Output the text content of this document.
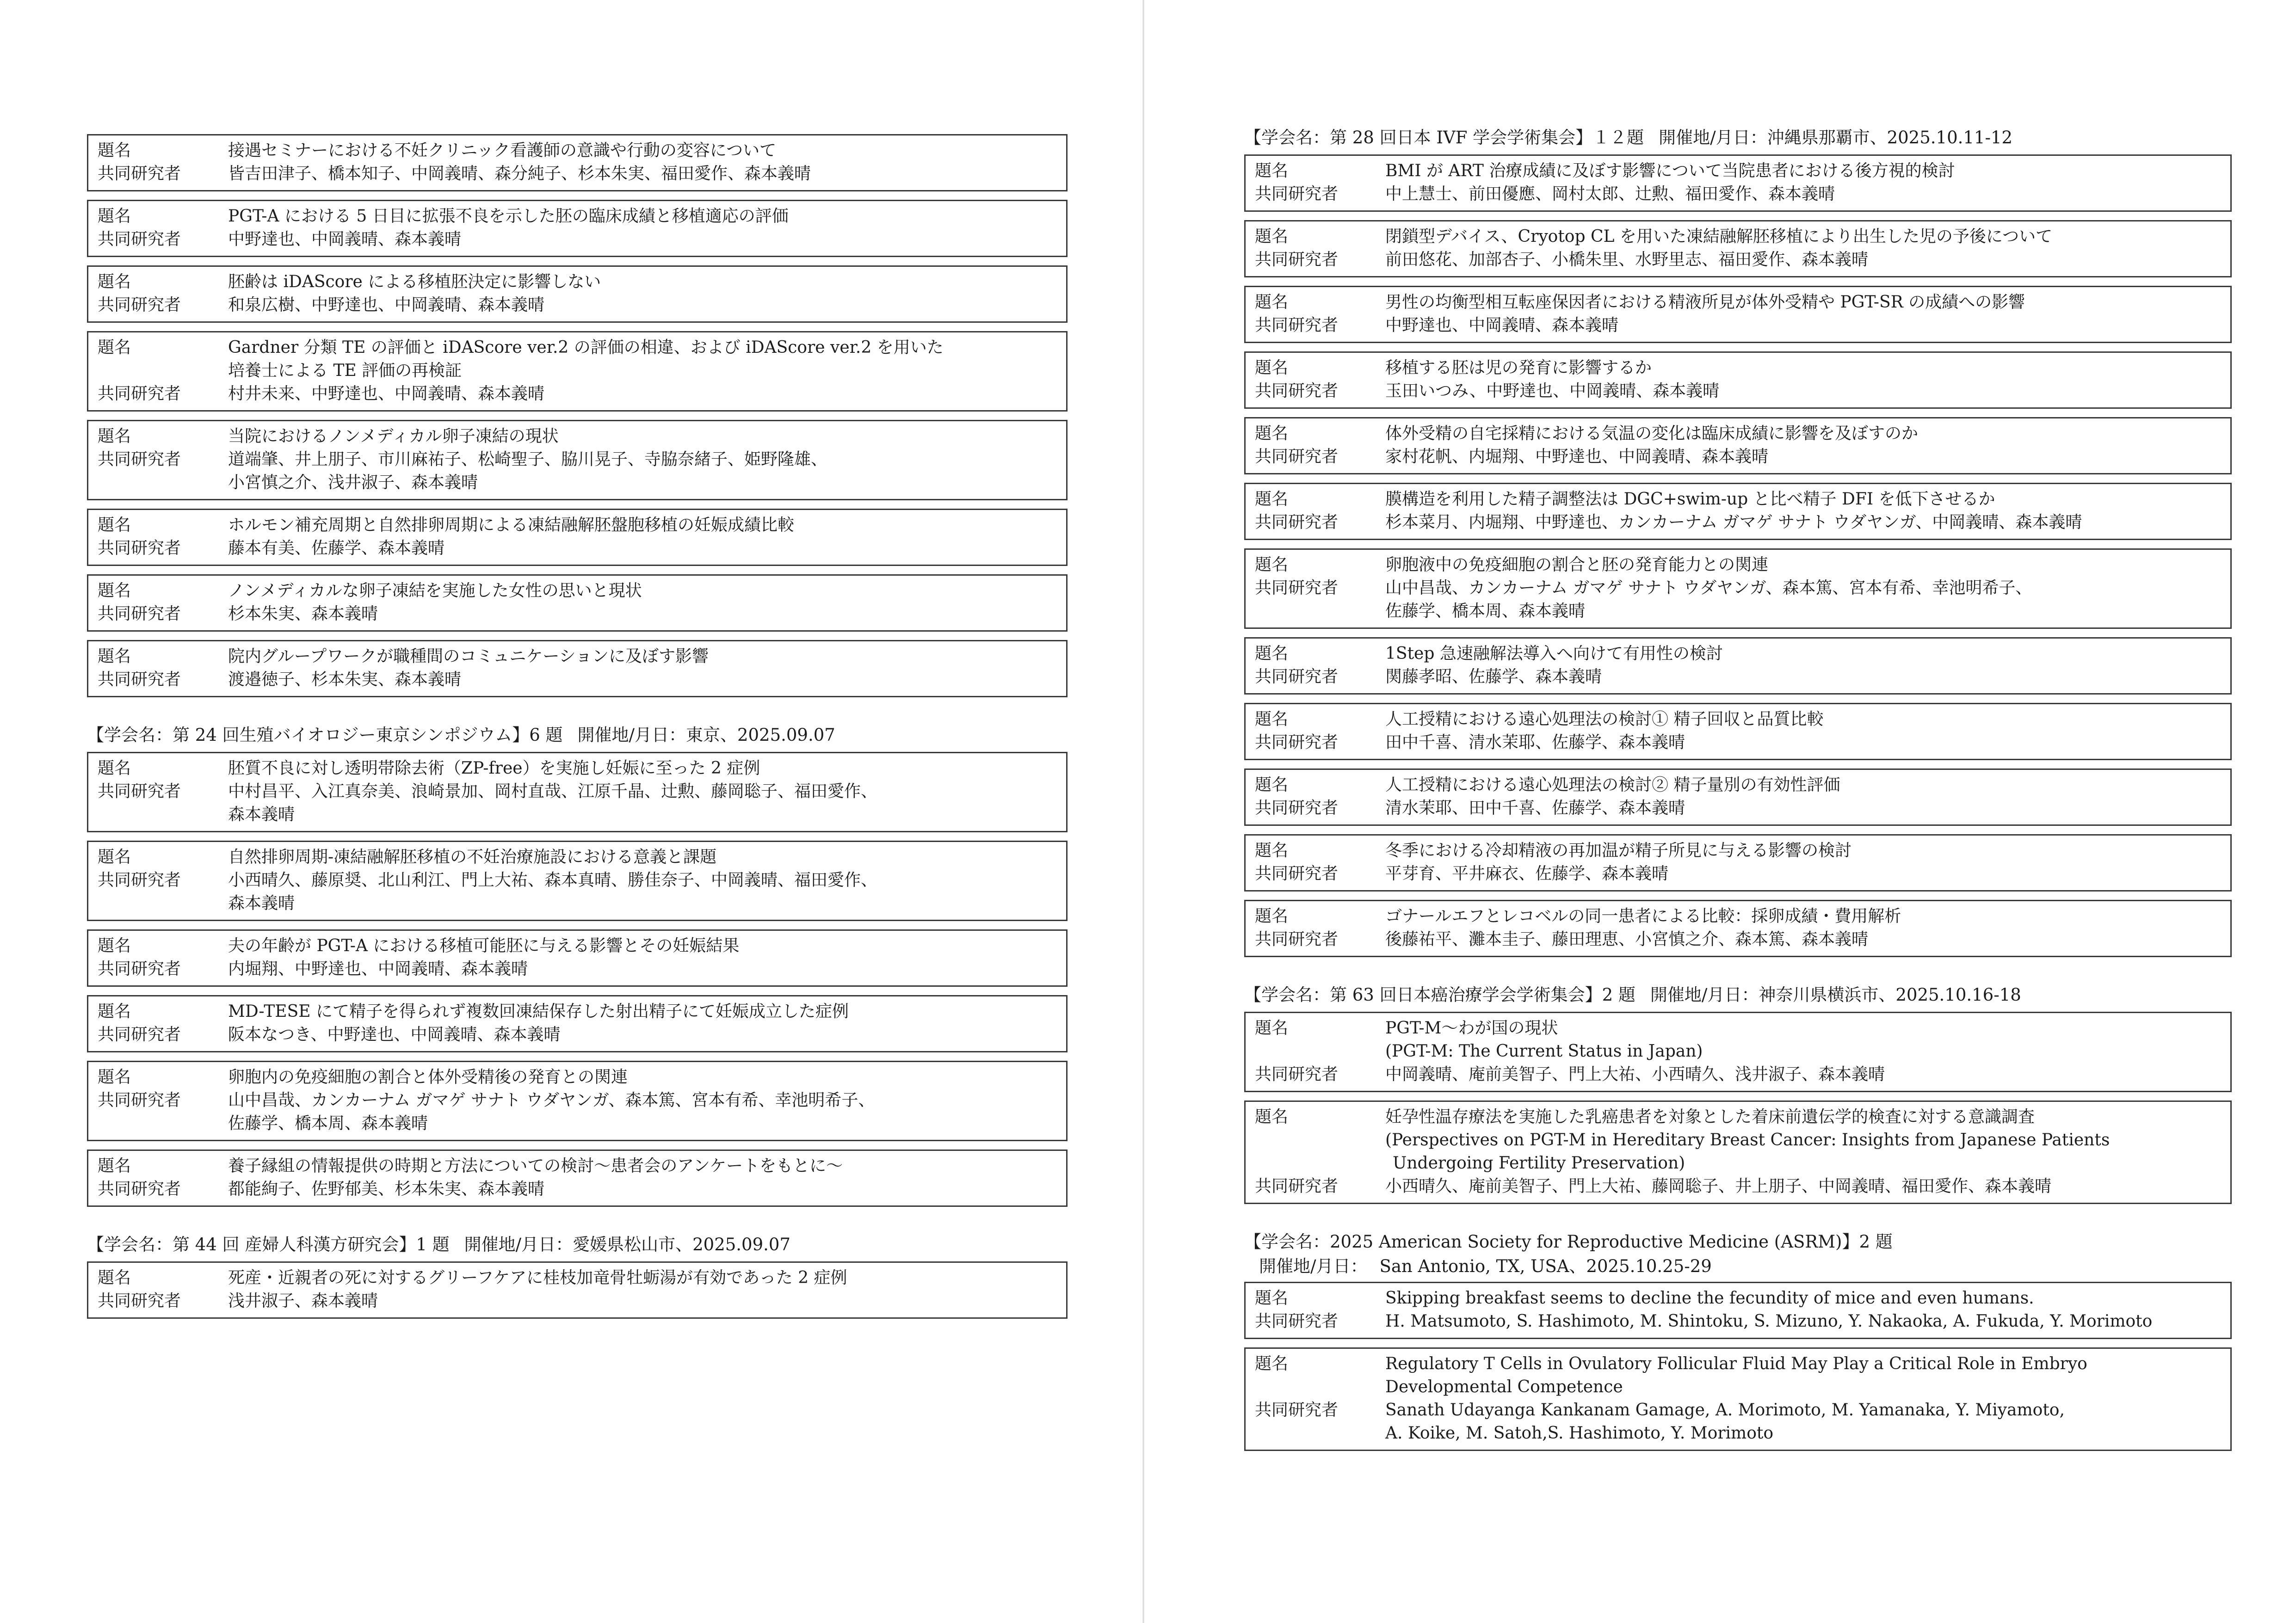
題名	接遇セミナーにおける不妊クリニック看護師の意識や行動の変容について
共同研究者	皆吉田津子、橋本知子、中岡義晴、森分純子、杉本朱実、福田愛作、森本義晴
題名	PGT-A における 5 日目に拡張不良を示した胚の臨床成績と移植適応の評価
共同研究者	中野達也、中岡義晴、森本義晴
題名	胚齢は iDAScore による移植胚決定に影響しない
共同研究者	和泉広樹、中野達也、中岡義晴、森本義晴
題名	Gardner 分類 TE の評価と iDAScore ver.2 の評価の相違、および iDAScore ver.2 を用いた
培養士による TE 評価の再検証
共同研究者	村井未来、中野達也、中岡義晴、森本義晴
題名	当院におけるノンメディカル卵子凍結の現状
共同研究者	道端肇、井上朋子、市川麻祐子、松崎聖子、脇川晃子、寺脇奈緒子、姫野隆雄、
小宮慎之介、浅井淑子、森本義晴
題名	ホルモン補充周期と自然排卵周期による凍結融解胚盤胞移植の妊娠成績比較
共同研究者	藤本有美、佐藤学、森本義晴
題名	ノンメディカルな卵子凍結を実施した女性の思いと現状
共同研究者	杉本朱実、森本義晴
題名	院内グループワークが職種間のコミュニケーションに及ぼす影響
共同研究者	渡邉徳子、杉本朱実、森本義晴
【学会名：第 24 回生殖バイオロジー東京シンポジウム】6 題 開催地/月日：東京、2025.09.07
題名	胚質不良に対し透明帯除去術（ZP-free）を実施し妊娠に至った 2 症例
共同研究者	中村昌平、入江真奈美、浪崎景加、岡村直哉、江原千晶、辻勲、藤岡聡子、福田愛作、
森本義晴
題名	自然排卵周期-凍結融解胚移植の不妊治療施設における意義と課題
共同研究者	小西晴久、藤原奨、北山利江、門上大祐、森本真晴、勝佳奈子、中岡義晴、福田愛作、
森本義晴
題名	夫の年齢が PGT-A における移植可能胚に与える影響とその妊娠結果
共同研究者	内堀翔、中野達也、中岡義晴、森本義晴
題名	MD-TESE にて精子を得られず複数回凍結保存した射出精子にて妊娠成立した症例
共同研究者	阪本なつき、中野達也、中岡義晴、森本義晴
題名	卵胞内の免疫細胞の割合と体外受精後の発育との関連
共同研究者	山中昌哉、カンカーナム ガマゲ サナト ウダヤンガ、森本篤、宮本有希、幸池明希子、
佐藤学、橋本周、森本義晴
題名	養子縁組の情報提供の時期と方法についての検討～患者会のアンケートをもとに～
共同研究者	都能絢子、佐野郁美、杉本朱実、森本義晴
【学会名：第 44 回 産婦人科漢方研究会】1 題 開催地/月日：愛媛県松山市、2025.09.07
題名	死産・近親者の死に対するグリーフケアに桂枝加竜骨牡蛎湯が有効であった 2 症例
共同研究者	浅井淑子、森本義晴
【学会名：第 28 回日本 IVF 学会学術集会】１２題 開催地/月日：沖縄県那覇市、2025.10.11-12
題名	BMI が ART 治療成績に及ぼす影響について当院患者における後方視的検討
共同研究者	中上慧士、前田優應、岡村太郎、辻勲、福田愛作、森本義晴
題名	閉鎖型デバイス、Cryotop CL を用いた凍結融解胚移植により出生した児の予後について
共同研究者	前田悠花、加部杏子、小橋朱里、水野里志、福田愛作、森本義晴
題名	男性の均衡型相互転座保因者における精液所見が体外受精や PGT-SR の成績への影響
共同研究者	中野達也、中岡義晴、森本義晴
題名	移植する胚は児の発育に影響するか
共同研究者	玉田いつみ、中野達也、中岡義晴、森本義晴
題名	体外受精の自宅採精における気温の変化は臨床成績に影響を及ぼすのか
共同研究者	家村花帆、内堀翔、中野達也、中岡義晴、森本義晴
題名	膜構造を利用した精子調整法は DGC+swim-up と比べ精子 DFI を低下させるか
共同研究者	杉本菜月、内堀翔、中野達也、カンカーナム ガマゲ サナト ウダヤンガ、中岡義晴、森本義晴
題名	卵胞液中の免疫細胞の割合と胚の発育能力との関連
共同研究者	山中昌哉、カンカーナム ガマゲ サナト ウダヤンガ、森本篤、宮本有希、幸池明希子、
佐藤学、橋本周、森本義晴
題名	1Step 急速融解法導入へ向けて有用性の検討
共同研究者	関藤孝昭、佐藤学、森本義晴
題名	人工授精における遠心処理法の検討① 精子回収と品質比較
共同研究者	田中千喜、清水茉耶、佐藤学、森本義晴
題名	人工授精における遠心処理法の検討② 精子量別の有効性評価
共同研究者	清水茉耶、田中千喜、佐藤学、森本義晴
題名	冬季における冷却精液の再加温が精子所見に与える影響の検討
共同研究者	平芽育、平井麻衣、佐藤学、森本義晴
題名	ゴナールエフとレコベルの同一患者による比較：採卵成績・費用解析
共同研究者	後藤祐平、灘本圭子、藤田理恵、小宮慎之介、森本篤、森本義晴
【学会名：第 63 回日本癌治療学会学術集会】2 題 開催地/月日：神奈川県横浜市、2025.10.16-18
題名	PGT-M〜わが国の現状
(PGT-M: The Current Status in Japan)
共同研究者	中岡義晴、庵前美智子、門上大祐、小西晴久、浅井淑子、森本義晴
題名	妊孕性温存療法を実施した乳癌患者を対象とした着床前遺伝学的検査に対する意識調査
(Perspectives on PGT-M in Hereditary Breast Cancer: Insights from Japanese Patients
Undergoing Fertility Preservation)
共同研究者	小西晴久、庵前美智子、門上大祐、藤岡聡子、井上朋子、中岡義晴、福田愛作、森本義晴
【学会名：2025 American Society for Reproductive Medicine (ASRM)】2 題
開催地/月日： San Antonio, TX, USA、2025.10.25-29
題名	Skipping breakfast seems to decline the fecundity of mice and even humans.
共同研究者	H. Matsumoto, S. Hashimoto, M. Shintoku, S. Mizuno, Y. Nakaoka, A. Fukuda, Y. Morimoto
題名	Regulatory T Cells in Ovulatory Follicular Fluid May Play a Critical Role in Embryo
Developmental Competence
共同研究者	Sanath Udayanga Kankanam Gamage, A. Morimoto, M. Yamanaka, Y. Miyamoto,
A. Koike, M. Satoh,S. Hashimoto, Y. Morimoto
